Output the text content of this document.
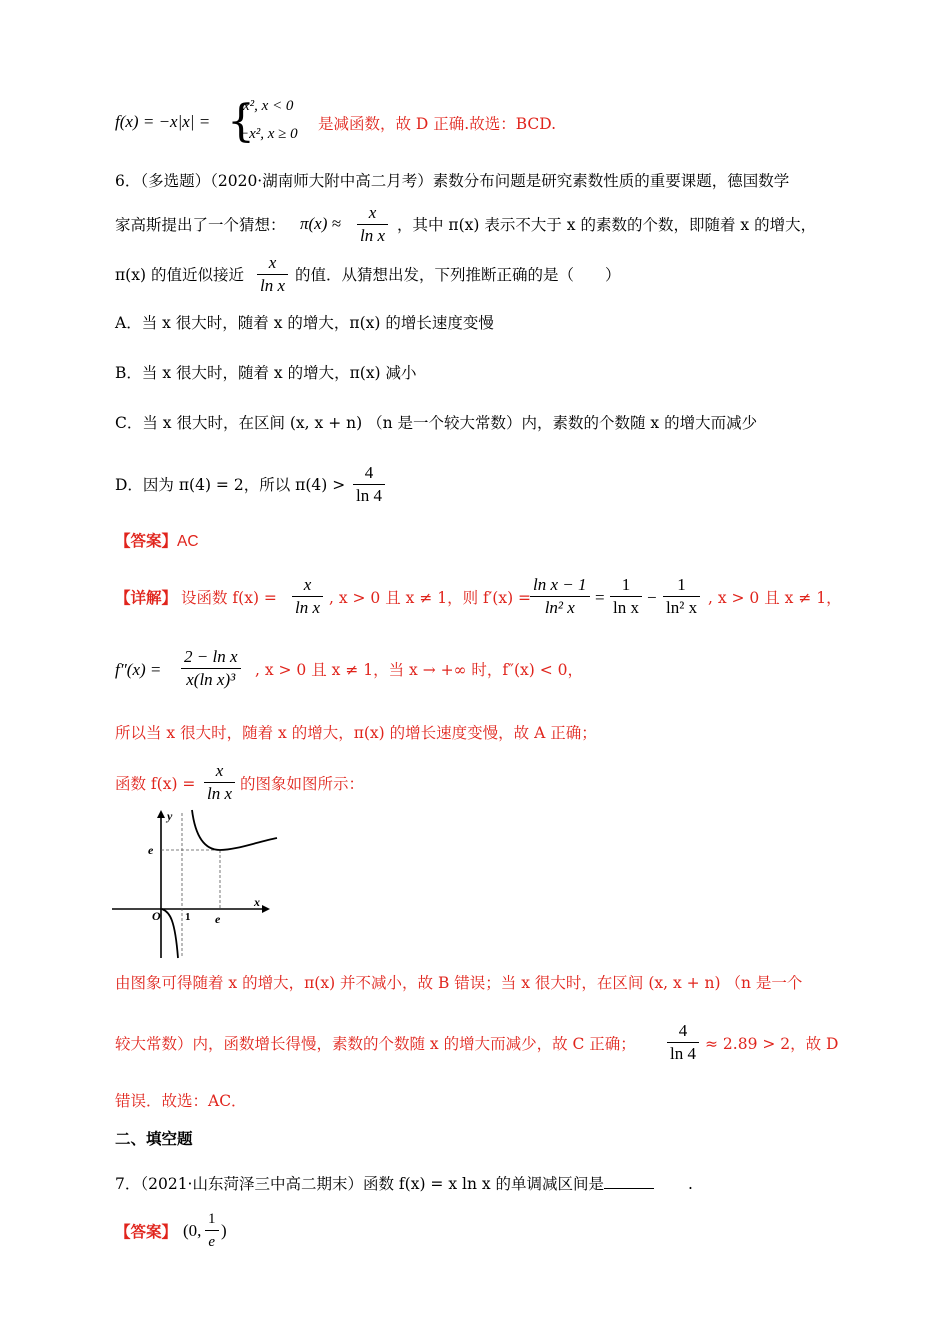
f(x) = −x|x| = {
x², x < 0
−x², x ≥ 0
是减函数，故 D 正确.故选：BCD.
6．（多选题）（2020·湖南师大附中高二月考）素数分布问题是研究素数性质的重要课题，德国数学
家高斯提出了一个猜想： $\pi(x) \approx \frac{x}{\text{ln x}}$ ，其中 π(x) 表示不大于 x 的素数的个数，即随着 x 的增大，
π(x) 的值近似接近 $\frac{x}{\text{ln x}}$ 的值．从猜想出发，下列推断正确的是（　　）
A．当 x 很大时，随着 x 的增大，π(x) 的增长速度变慢
B．当 x 很大时，随着 x 的增大，π(x) 减小
C．当 x 很大时，在区间 (x, x + n) （n 是一个较大常数）内，素数的个数随 x 的增大而减少
D．因为 π(4) = 2，所以 $\pi(4) > \frac{4}{\ln 4}$
【答案】AC
【详解】 设函数 $f(x) = \frac{x}{\text{ln x}}$ , x > 0 且 x ≠ 1，则 f′(x) =
$\frac{\text{ln x − 1}}{\text{ln² x}} = \frac{1}{\text{ln x}} - \frac{1}{\text{ln² x}}$ , x > 0 且 x ≠ 1，
$f''(x) = \frac{\text{2 − ln x}}{\text{x(ln x)³}}$ , x > 0 且 x ≠ 1，当 x → +∞ 时，f″(x) < 0，
所以当 x 很大时，随着 x 的增大，π(x) 的增长速度变慢，故 A 正确；
函数 $f(x) = \frac{x}{\text{ln x}}$ 的图象如图所示：
y
x
e
e
1
O
由图象可得随着 x 的增大，π(x) 并不减小，故 B 错误；当 x 很大时，在区间 (x, x + n) （n 是一个
较大常数）内，函数增长得慢，素数的个数随 x 的增大而减少，故 C 正确； $\frac{4}{\ln 4} \approx 2.89 > 2$，故 D
错误．故选：AC．
二、填空题
7．（2021·山东菏泽三中高二期末）函数 f(x) = x ln x 的单调减区间是	.
【答案】 (0, $\frac{1}{e}$ )
